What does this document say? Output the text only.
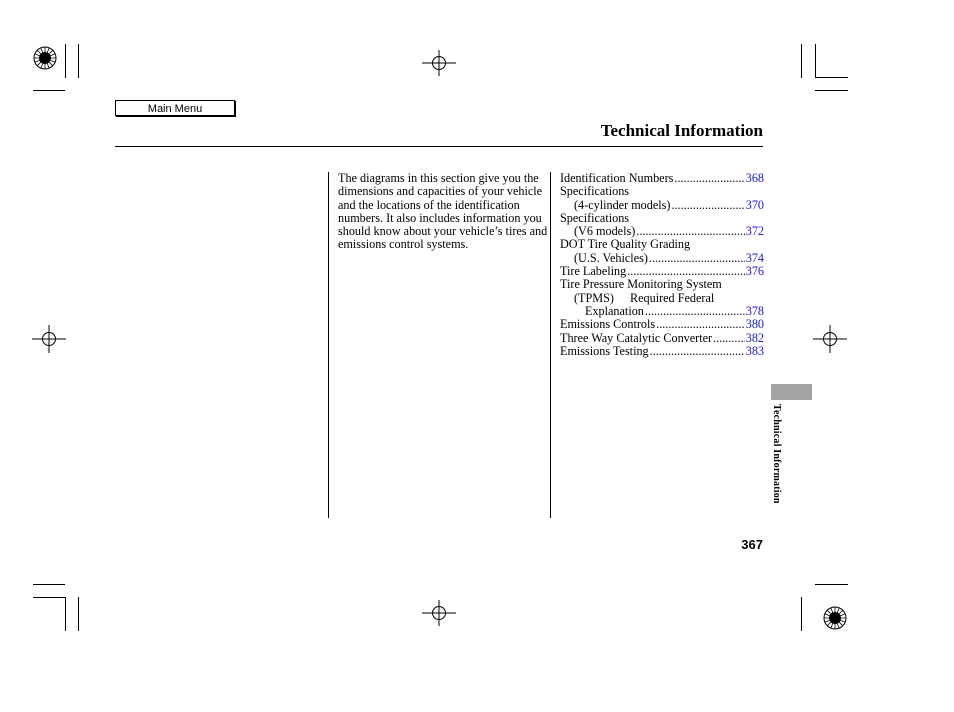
Main Menu
Technical Information

The diagrams in this section give you the dimensions and capacities of your vehicle and the locations of the identification numbers. It also includes information you should know about your vehicle’s tires and emissions control systems.

Identification Numbers .....	368
Specifications
(4-cylinder models) .....	370
Specifications
(V6 models) .....	372
DOT Tire Quality Grading
(U.S. Vehicles) .....	374
Tire Labeling .....	376
Tire Pressure Monitoring System
(TPMS) Required Federal
Explanation .....	378
Emissions Controls .....	380
Three Way Catalytic Converter .....	382
Emissions Testing .....	383
Technical Information
367
